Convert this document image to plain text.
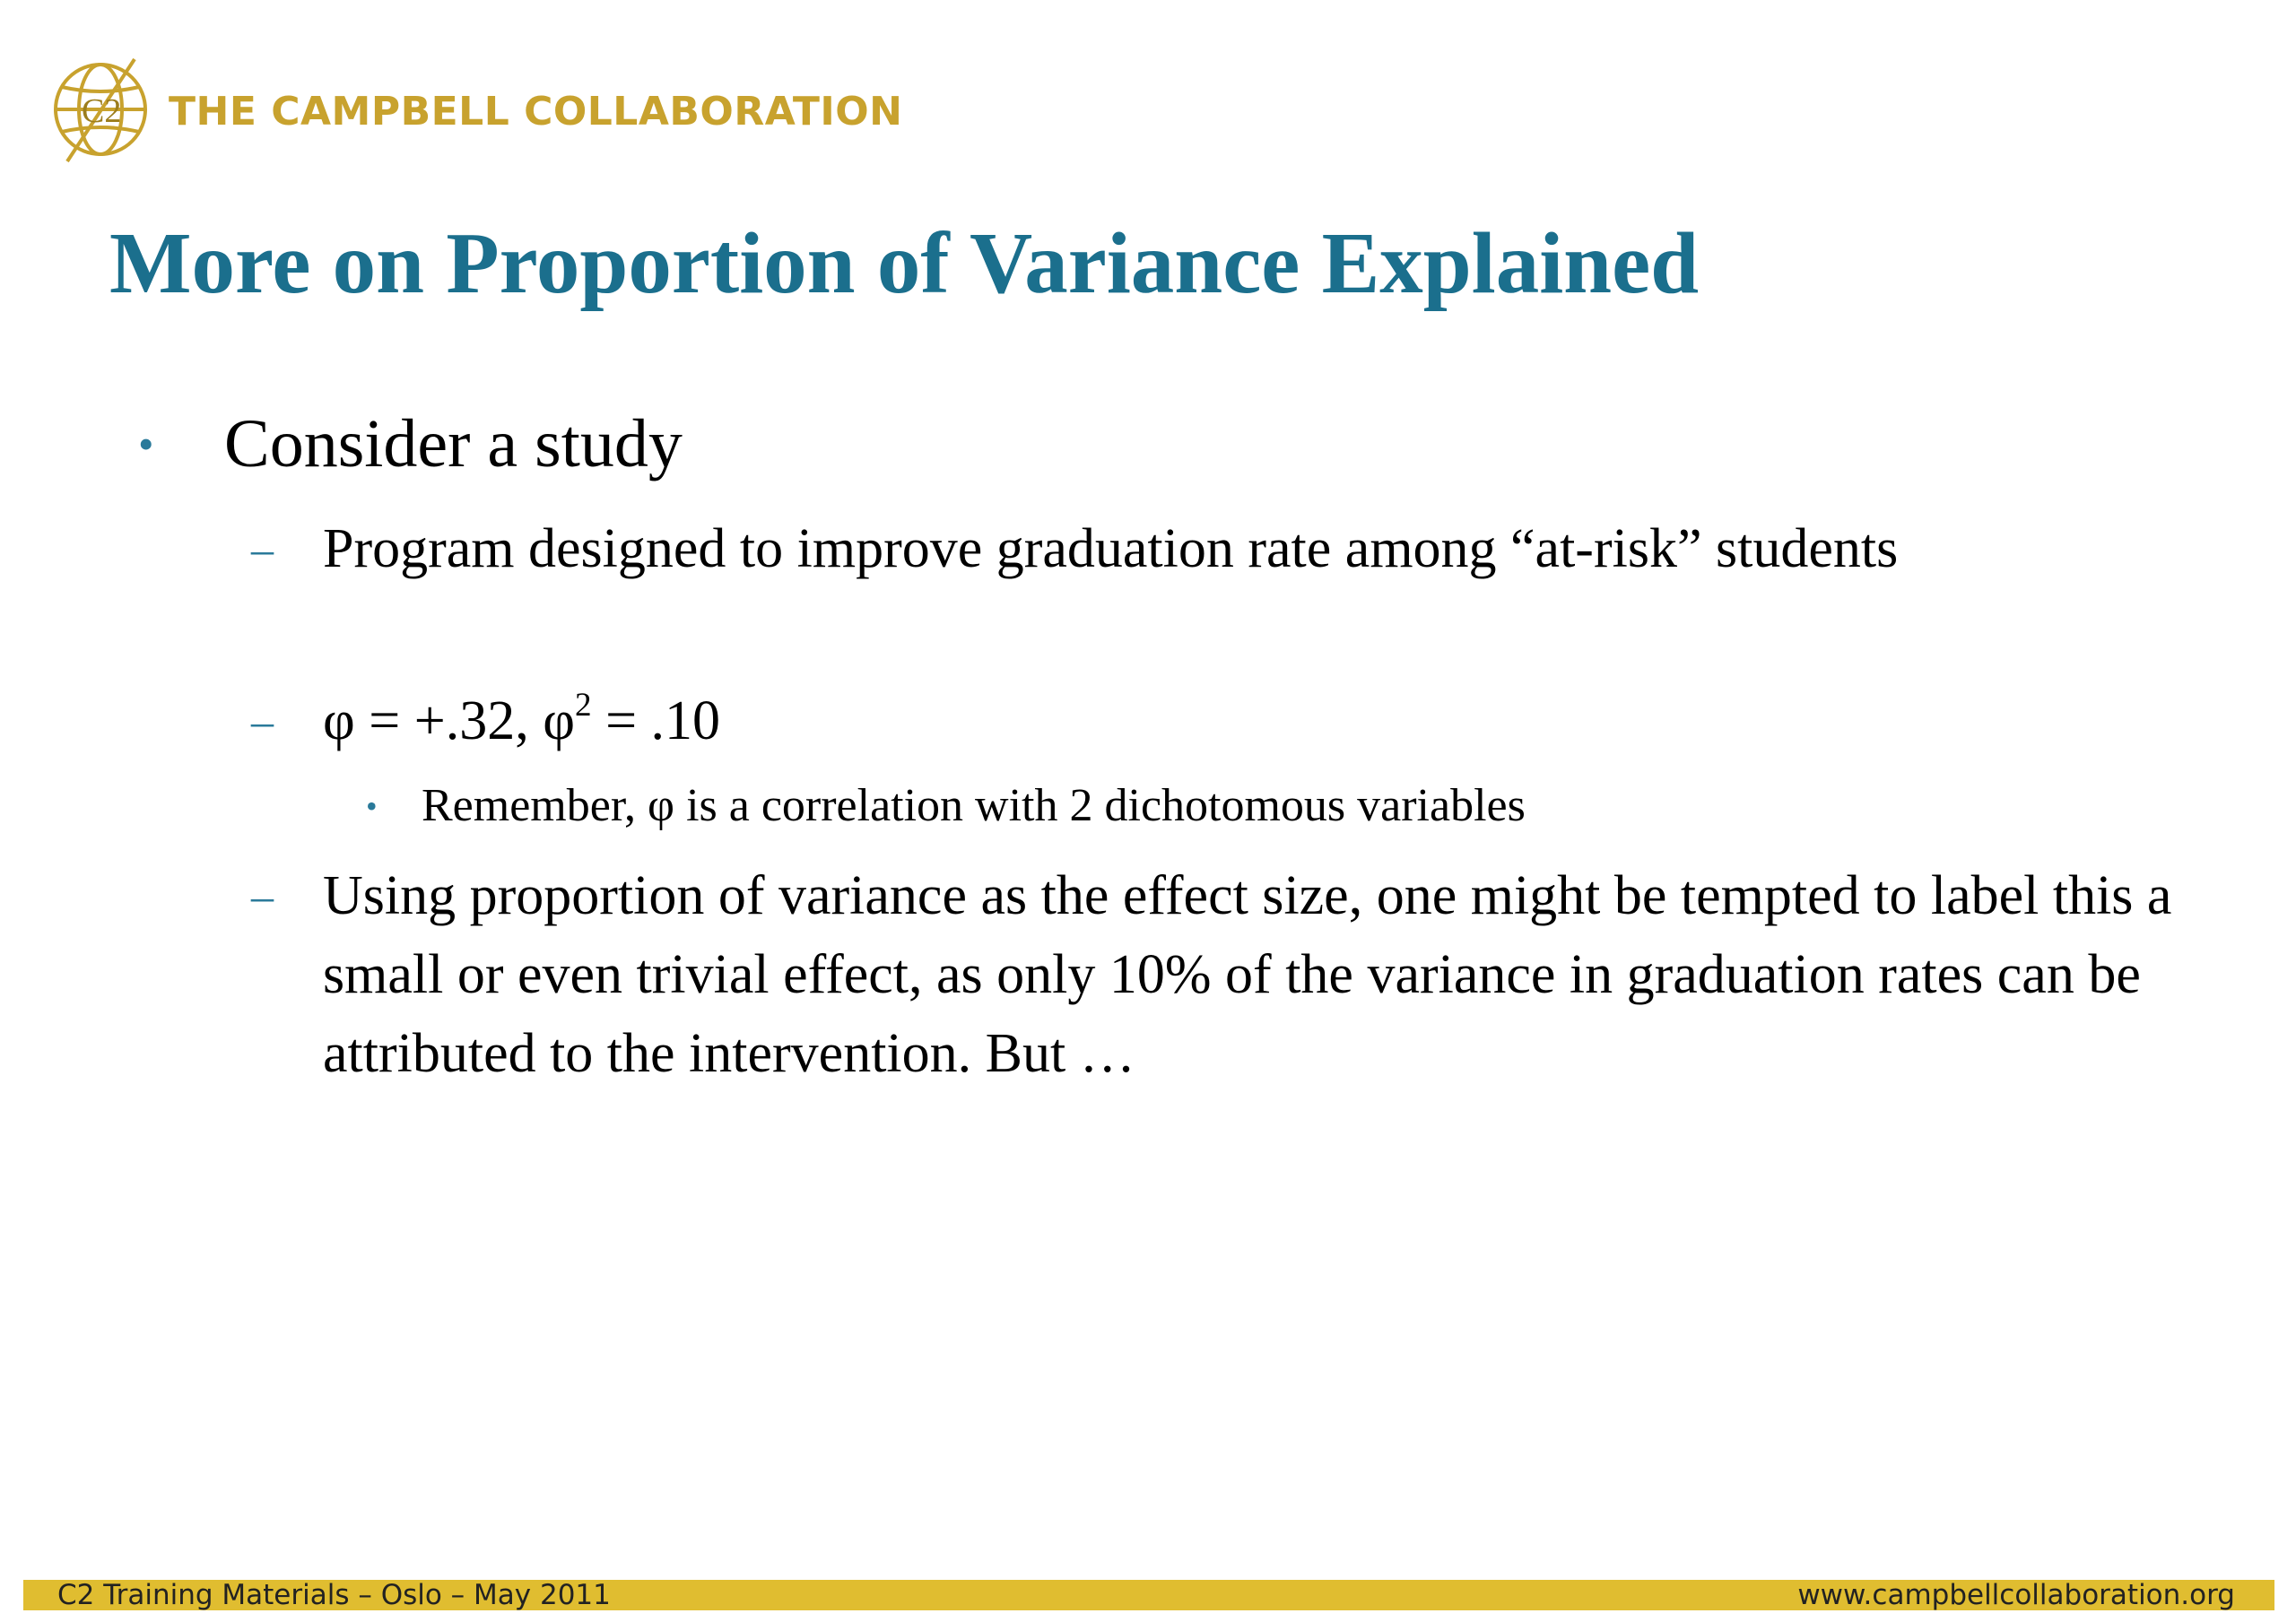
C2 THE CAMPBELL COLLABORATION
More on Proportion of Variance Explained
• Consider a study
– Program designed to improve graduation rate among “at-risk” students
– φ = +.32, $\varphi^2 = .10$
• Remember, φ is a correlation with 2 dichotomous variables
– Using proportion of variance as the effect size, one might be tempted to label this a small or even trivial effect, as only 10% of the variance in graduation rates can be attributed to the intervention. But …
C2 Training Materials – Oslo – May 2011	www.campbellcollaboration.org
